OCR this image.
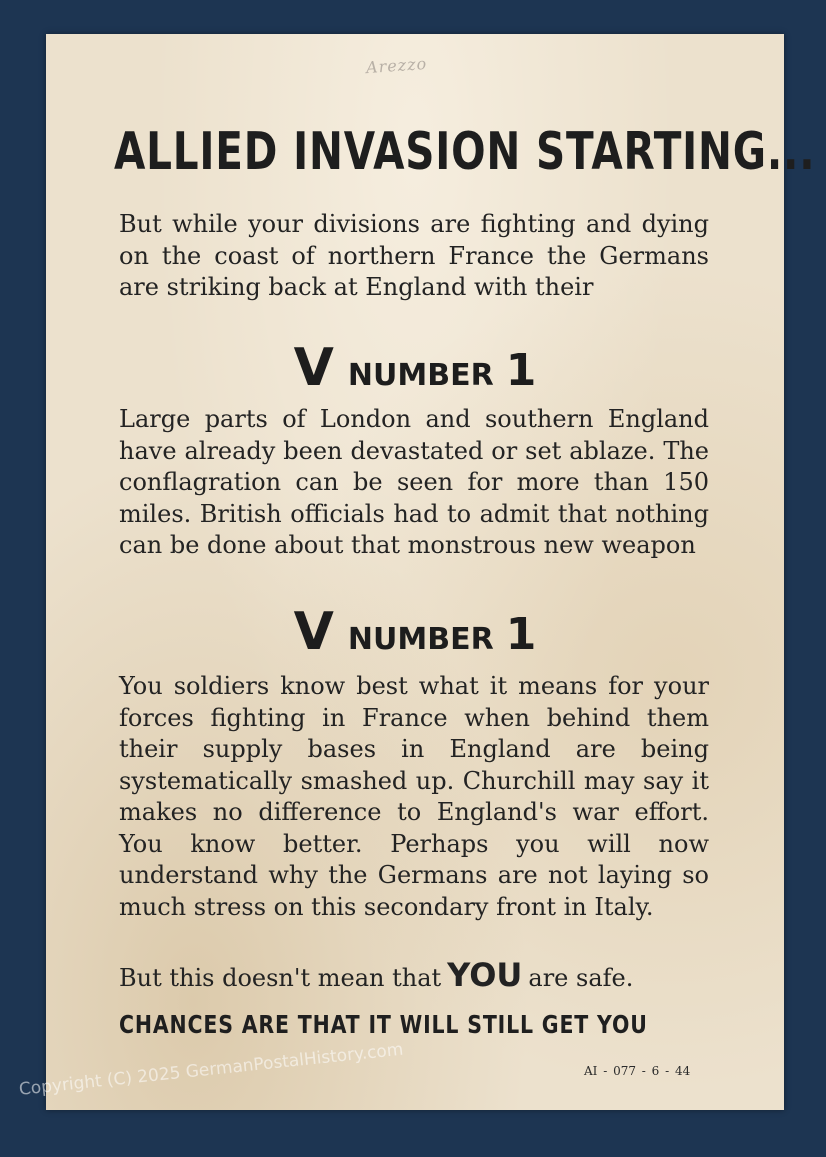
Arezzo
ALLIED INVASION STARTING...
But while your divisions are fighting and dying on the coast of northern France the Germans are striking back at England with their
VNUMBER 1
Large parts of London and southern England have already been devastated or set ablaze. The conflagration can be seen for more than 150 miles. British officials had to admit that nothing can be done about that monstrous new weapon
VNUMBER 1
You soldiers know best what it means for your forces fighting in France when behind them their supply bases in England are being systematically smashed up. Churchill may say it makes no difference to England's war effort. You know better. Perhaps you will now understand why the Germans are not laying so much stress on this secondary front in Italy.
But this doesn't mean that YOU are safe.
CHANCES ARE THAT IT WILL STILL GET YOU
AI - 077 - 6 - 44
Copyright (C) 2025 GermanPostalHistory.com
